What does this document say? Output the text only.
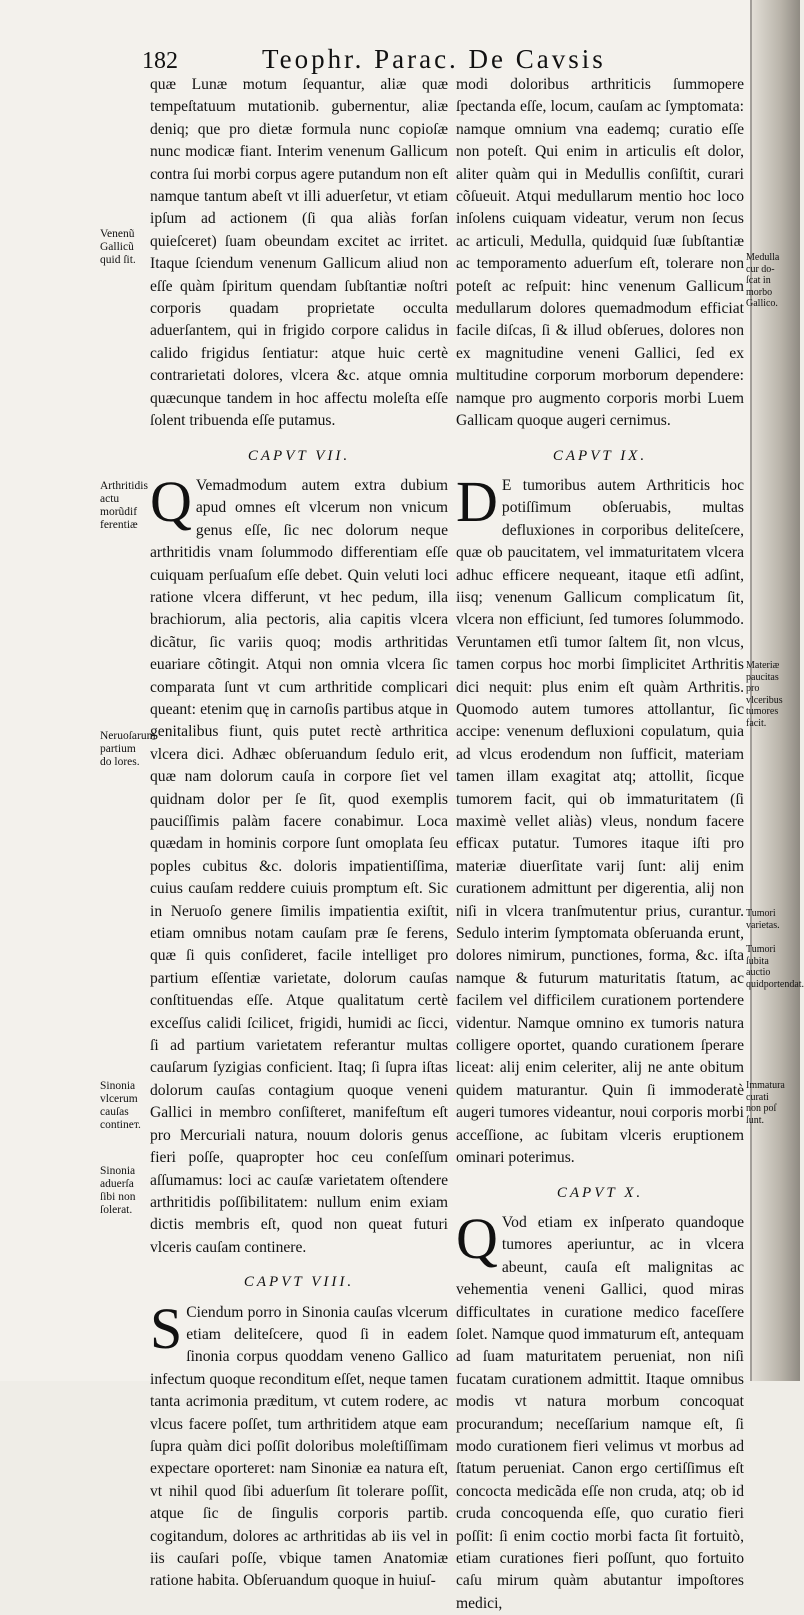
182	Teophr. Parac. De Cavsis

quæ Lunæ motum ſequantur, aliæ quæ tempeſtatuum mutationib. gubernentur, aliæ deniq; que pro dietæ formula nunc copioſæ nunc modicæ fiant. Interim venenum Gallicum contra ſui morbi corpus agere putandum non eſt namque tantum abeſt vt illi aduerſetur, vt etiam ipſum ad actionem (ſi qua aliàs forſan quieſceret) ſuam obeundam excitet ac irritet. Itaque ſciendum venenum Gallicum aliud non eſſe quàm ſpiritum quendam ſubſtantiæ noſtri corporis quadam proprietate occulta aduerſantem, qui in frigido corpore calidus in calido frigidus ſentiatur: atque huic certè contrarietati dolores, vlcera &c. atque omnia quæcunque tandem in hoc affectu moleſta eſſe ſolent tribuenda eſſe putamus.

CAPVT VII.

Q Vemadmodum autem extra dubium apud omnes eſt vlcerum non vnicum genus eſſe, ſic nec dolorum neque arthritidis vnam ſolummodo differentiam eſſe cuiquam perſuaſum eſſe debet. Quin veluti loci ratione vlcera differunt, vt hec pedum, illa brachiorum, alia pectoris, alia capitis vlcera dicãtur, ſic variis quoq; modis arthritidas euariare cõtingit. Atqui non omnia vlcera ſic comparata ſunt vt cum arthritide complicari queant: etenim quę in carnoſis partibus atque in genitalibus fiunt, quis putet rectè arthritica vlcera dici. Adhæc obſeruandum ſedulo erit, quæ nam dolorum cauſa in corpore ſiet vel quidnam dolor per ſe ſit, quod exemplis pauciſſimis palàm facere conabimur. Loca quædam in hominis corpore ſunt omoplata ſeu poples cubitus &c. doloris impatientiſſima, cuius cauſam reddere cuiuis promptum eſt. Sic in Neruoſo genere ſimilis impatientia exiſtit, etiam omnibus notam cauſam præ ſe ferens, quæ ſi quis conſideret, facile intelliget pro partium eſſentiæ varietate, dolorum cauſas conſtituendas eſſe. Atque qualitatum certè exceſſus calidi ſcilicet, frigidi, humidi ac ſicci, ſi ad partium varietatem referantur multas cauſarum ſyzigias conficient. Itaq; ſi ſupra iſtas dolorum cauſas contagium quoque veneni Gallici in membro conſiſteret, manifeſtum eſt pro Mercuriali natura, nouum doloris genus fieri poſſe, quapropter hoc ceu conſeſſum aſſumamus: loci ac cauſæ varietatem oſtendere arthritidis poſſibilitatem: nullum enim exiam dictis membris eſt, quod non queat futuri vlceris cauſam continere.

CAPVT VIII.

S Ciendum porro in Sinonia cauſas vlcerum etiam deliteſcere, quod ſi in eadem ſinonia corpus quoddam veneno Gallico infectum quoque reconditum eſſet, neque tamen tanta acrimonia præditum, vt cutem rodere, ac vlcus facere poſſet, tum arthritidem atque eam ſupra quàm dici poſſit doloribus moleſtiſſimam expectare oporteret: nam Sinoniæ ea natura eſt, vt nihil quod ſibi aduerſum ſit tolerare poſſit, atque ſic de ſingulis corporis partib. cogitandum, dolores ac arthritidas ab iis vel in iis cauſari poſſe, vbique tamen Anatomiæ ratione habita. Obſeruandum quoque in huiuſ-

modi doloribus arthriticis ſummopere ſpectanda eſſe, locum, cauſam ac ſymptomata: namque omnium vna eademq; curatio eſſe non poteſt. Qui enim in articulis eſt dolor, aliter quàm qui in Medullis conſiſtit, curari cõſueuit. Atqui medullarum mentio hoc loco inſolens cuiquam videatur, verum non ſecus ac articuli, Medulla, quidquid ſuæ ſubſtantiæ ac temporamento aduerſum eſt, tolerare non poteſt ac reſpuit: hinc venenum Gallicum medullarum dolores quemadmodum efficiat facile diſcas, ſi & illud obſerues, dolores non ex magnitudine veneni Gallici, ſed ex multitudine corporum morborum dependere: namque pro augmento corporis morbi Luem Gallicam quoque augeri cernimus.

CAPVT IX.

D E tumoribus autem Arthriticis hoc potiſſimum obſeruabis, multas defluxiones in corporibus deliteſcere, quæ ob paucitatem, vel immaturitatem vlcera adhuc efficere nequeant, itaque etſi adſint, iisq; venenum Gallicum complicatum ſit, vlcera non efficiunt, ſed tumores ſolummodo. Veruntamen etſi tumor ſaltem ſit, non vlcus, tamen corpus hoc morbi ſimplicitet Arthritis dici nequit: plus enim eſt quàm Arthritis. Quomodo autem tumores attollantur, ſic accipe: venenum defluxioni copulatum, quia ad vlcus erodendum non ſufficit, materiam tamen illam exagitat atq; attollit, ſicque tumorem facit, qui ob immaturitatem (ſi maximè vellet aliàs) vleus, nondum facere efficax putatur. Tumores itaque iſti pro materiæ diuerſitate varij ſunt: alij enim curationem admittunt per digerentia, alij non niſi in vlcera tranſmutentur prius, curantur. Sedulo interim ſymptomata obſeruanda erunt, dolores nimirum, punctiones, forma, &c. iſta namque & futurum maturitatis ſtatum, ac facilem vel difficilem curationem portendere videntur. Namque omnino ex tumoris natura colligere oportet, quando curationem ſperare liceat: alij enim celeriter, alij ne ante obitum quidem maturantur. Quin ſi immoderatè augeri tumores videantur, noui corporis morbi acceſſione, ac ſubitam vlceris eruptionem ominari poterimus.

CAPVT X.

Q Vod etiam ex inſperato quandoque tumores aperiuntur, ac in vlcera abeunt, cauſa eſt malignitas ac vehementia veneni Gallici, quod miras difficultates in curatione medico faceſſere ſolet. Namque quod immaturum eſt, antequam ad ſuam maturitatem perueniat, non niſi fucatam curationem admittit. Itaque omnibus modis vt natura morbum concoquat procurandum; neceſſarium namque eſt, ſi modo curationem fieri velimus vt morbus ad ſtatum perueniat. Canon ergo certiſſimus eſt concocta medicãda eſſe non cruda, atq; ob id cruda concoquenda eſſe, quo curatio fieri poſſit: ſi enim coctio morbi facta ſit fortuitò, etiam curationes fieri poſſunt, quo fortuito caſu mirum quàm abutantur impoſtores medici,

Venenũ Gallicũ quid ſit.
Arthritidis actu morũdif ferentiæ
Neruoſarum partium do lores.
Sinonia vlcerum cauſas contineт.
Sinonia aduerſa ſibi non ſolerat.
Medulla cur do- ſcat in morbo Gallico.
Materiæ paucitas pro vlceribus tumores facit.
Tumori varietas.
Tumori ſubita auctio quidportendat.
Immatura curati non poſ ſunt.
